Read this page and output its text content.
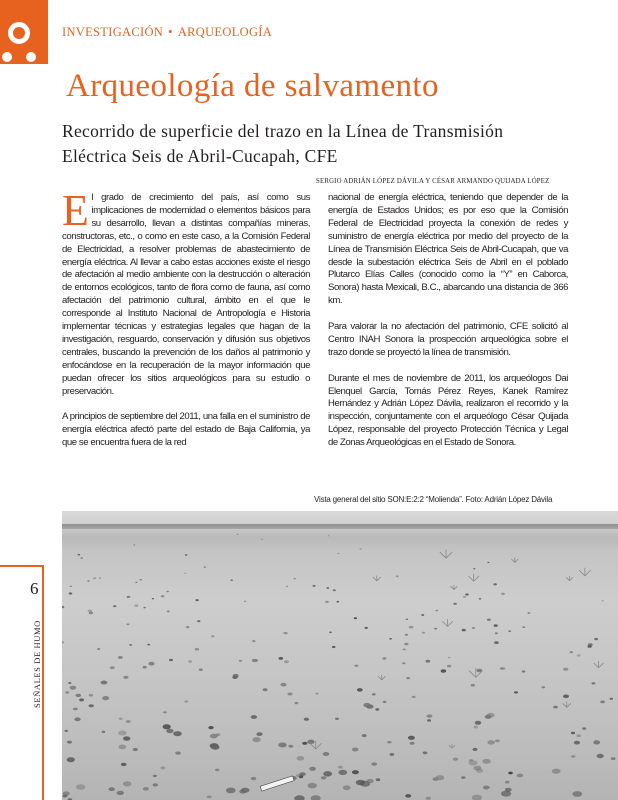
INVESTIGACIÓN • ARQUEOLOGÍA
Arqueología de salvamento
Recorrido de superficie del trazo en la Línea de Transmisión Eléctrica Seis de Abril-Cucapah, CFE
SERGIO ADRIÁN LÓPEZ DÁVILA Y CÉSAR ARMANDO QUIJADA LÓPEZ

El grado de crecimiento del país, así como sus implicaciones de modernidad o elementos básicos para su desarrollo, llevan a distintas compañías mineras, constructoras, etc., o como en este caso, a la Comisión Federal de Electricidad, a resolver problemas de abastecimiento de energía eléctrica. Al llevar a cabo estas acciones existe el riesgo de afectación al medio ambiente con la destrucción o alteración de entornos ecológicos, tanto de flora como de fauna, así como afectación del patrimonio cultural, ámbito en el que le corresponde al Instituto Nacional de Antropología e Historia implementar técnicas y estrategias legales que hagan de la investigación, resguardo, conservación y difusión sus objetivos centrales, buscando la prevención de los daños al patrimonio y enfocándose en la recuperación de la mayor información que puedan ofrecer los sitios arqueológicos para su estudio o preservación.

A principios de septiembre del 2011, una falla en el suministro de energía eléctrica afectó parte del estado de Baja California, ya que se encuentra fuera de la red

nacional de energía eléctrica, teniendo que depender de la energía de Estados Unidos; es por eso que la Comisión Federal de Electricidad proyecta la conexión de redes y suministro de energía eléctrica por medio del proyecto de la Línea de Transmisión Eléctrica Seis de Abril-Cucapah, que va desde la subestación eléctrica Seis de Abril en el poblado Plutarco Elías Calles (conocido como la “Y” en Caborca, Sonora) hasta Mexicali, B.C., abarcando una distancia de 366 km.

Para valorar la no afectación del patrimonio, CFE solicitó al Centro INAH Sonora la prospección arqueológica sobre el trazo donde se proyectó la línea de transmisión.

Durante el mes de noviembre de 2011, los arqueólogos Dai Elenquel García, Tomás Pérez Reyes, Kanek Ramírez Hernández y Adrián López Dávila, realizaron el recorrido y la inspección, conjuntamente con el arqueólogo César Quijada López, responsable del proyecto Protección Técnica y Legal de Zonas Arqueológicas en el Estado de Sonora.

Vista general del sitio SON:E:2:2 “Molienda”. Foto: Adrián López Dávila
6
SEÑALES DE HUMO
